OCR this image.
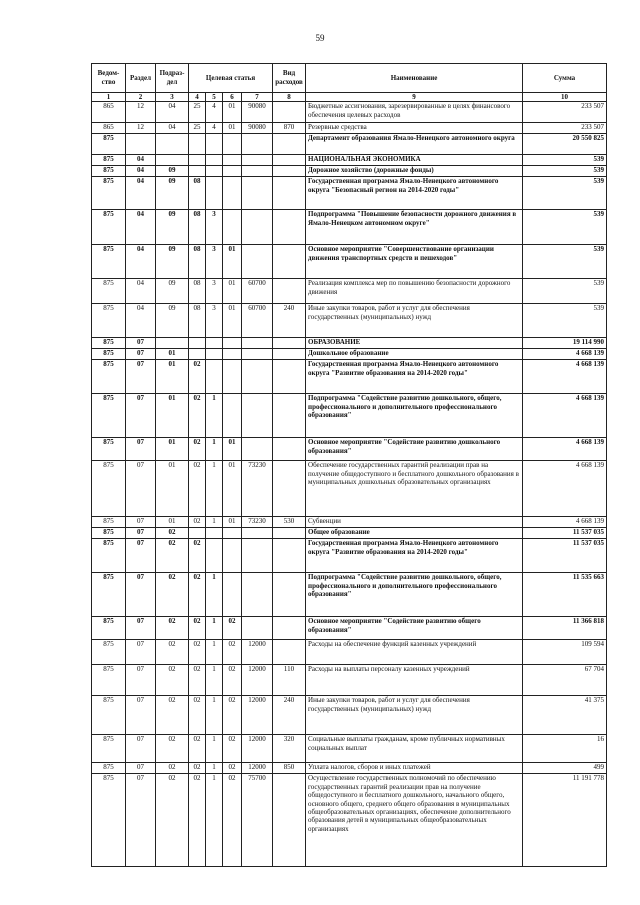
59
Ведом-ство	Раздел	Подраз-дел	Целевая статья				Вид расходов	Наименование	Сумма
1	2	3	4	5	6	7	8	9	10
865	12	04	25	4	01	90080		Бюджетные ассигнования, зарезервированные в целях финансового обеспечения целевых расходов	233 507
865	12	04	25	4	01	90080	870	Резервные средства	233 507
875								Департамент образования Ямало-Ненецкого автономного округа	20 550 825
875	04							НАЦИОНАЛЬНАЯ ЭКОНОМИКА	539
875	04	09						Дорожное хозяйство (дорожные фонды)	539
875	04	09	08					Государственная программа Ямало-Ненецкого автономного округа "Безопасный регион на 2014-2020 годы"	539
875	04	09	08	3				Подпрограмма "Повышение безопасности дорожного движения в Ямало-Ненецком автономном округе"	539
875	04	09	08	3	01			Основное мероприятие "Совершенствование организации движения транспортных средств и пешеходов"	539
875	04	09	08	3	01	60700		Реализация комплекса мер по повышению безопасности дорожного движения	539
875	04	09	08	3	01	60700	240	Иные закупки товаров, работ и услуг для обеспечения государственных (муниципальных) нужд	539
875	07							ОБРАЗОВАНИЕ	19 114 990
875	07	01						Дошкольное образование	4 668 139
875	07	01	02					Государственная программа Ямало-Ненецкого автономного округа "Развитие образования на 2014-2020 годы"	4 668 139
875	07	01	02	1				Подпрограмма "Содействие развитию дошкольного, общего, профессионального и дополнительного профессионального образования"	4 668 139
875	07	01	02	1	01			Основное мероприятие "Содействие развитию дошкольного образования"	4 668 139
875	07	01	02	1	01	73230		Обеспечение государственных гарантий реализации прав на получение общедоступного и бесплатного дошкольного образования в муниципальных дошкольных образовательных организациях	4 668 139
875	07	01	02	1	01	73230	530	Субвенции	4 668 139
875	07	02						Общее образование	11 537 035
875	07	02	02					Государственная программа Ямало-Ненецкого автономного округа "Развитие образования на 2014-2020 годы"	11 537 035
875	07	02	02	1				Подпрограмма "Содействие развитию дошкольного, общего, профессионального и дополнительного профессионального образования"	11 535 663
875	07	02	02	1	02			Основное мероприятие "Содействие развитию общего образования"	11 366 818
875	07	02	02	1	02	12000		Расходы на обеспечение функций казенных учреждений	109 594
875	07	02	02	1	02	12000	110	Расходы на выплаты персоналу казенных учреждений	67 704
875	07	02	02	1	02	12000	240	Иные закупки товаров, работ и услуг для обеспечения государственных (муниципальных) нужд	41 375
875	07	02	02	1	02	12000	320	Социальные выплаты гражданам, кроме публичных нормативных социальных выплат	16
875	07	02	02	1	02	12000	850	Уплата налогов, сборов и иных платежей	499
875	07	02	02	1	02	75700		Осуществление государственных полномочий по обеспечению государственных гарантий реализации прав на получение общедоступного и бесплатного дошкольного, начального общего, основного общего, среднего общего образования в муниципальных общеобразовательных организациях, обеспечение дополнительного образования детей в муниципальных общеобразовательных организациях	11 191 778
